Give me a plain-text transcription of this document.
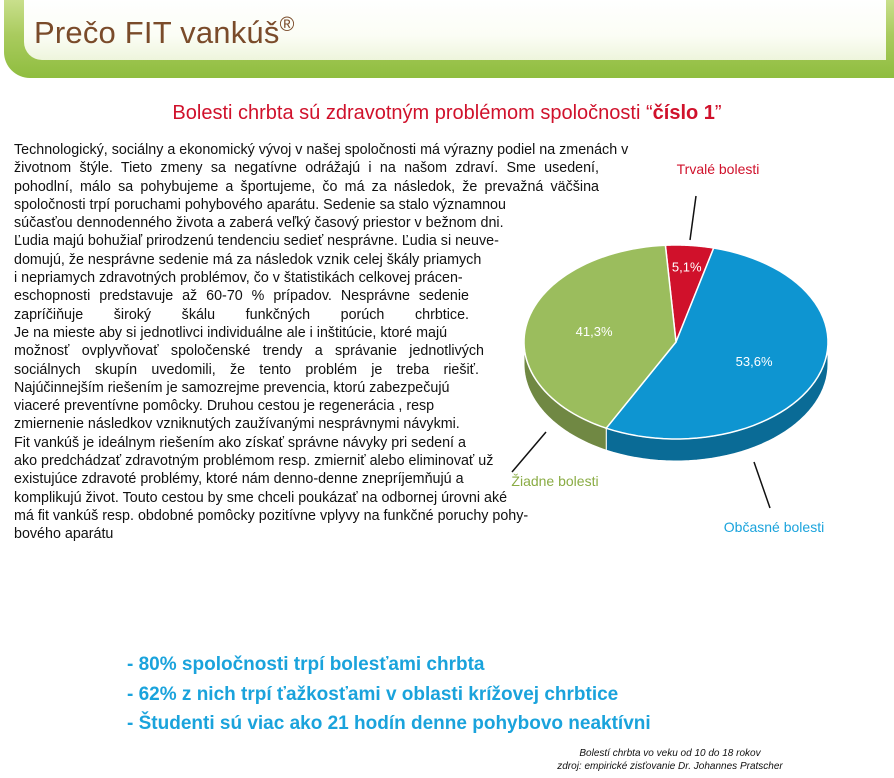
Prečo FIT vankúš®
Bolesti chrbta sú zdravotným problémom spoločnosti “číslo 1”
Technologický, sociálny a ekonomický vývoj v našej spoločnosti má výrazny podiel na zmenách v
životnom štýle. Tieto zmeny sa negatívne odrážajú i na našom zdraví. Sme usedení,
pohodlní, málo sa pohybujeme a športujeme, čo má za následok, že prevažná väčšina
spoločnosti trpí poruchami pohybového aparátu. Sedenie sa stalo významnou
súčasťou dennodenného života a zaberá veľký časový priestor v bežnom dni.
Ľudia majú bohužiaľ prirodzenú tendenciu sedieť nesprávne. Ľudia si neuve-
domujú, že nesprávne sedenie má za následok vznik celej škály priamych
i nepriamych zdravotných problémov, čo v štatistikách celkovej prácen-
eschopnosti predstavuje až 60-70 % prípadov. Nesprávne sedenie
zapríčiňuje široký škálu funkčných porúch chrbtice.
Je na mieste aby si jednotlivci individuálne ale i inštitúcie, ktoré majú
možnosť ovplyvňovať spoločenské trendy a správanie jednotlivých
sociálnych skupín uvedomili, že tento problém je treba riešiť.
Najúčinnejším riešením je samozrejme prevencia, ktorú zabezpečujú
viaceré preventívne pomôcky. Druhou cestou je regenerácia , resp
zmiernenie následkov vzniknutých zaužívanými nesprávnymi návykmi.
Fit vankúš je ideálnym riešením ako získať správne návyky pri sedení a
ako predchádzať zdravotným problémom resp. zmierniť alebo eliminovať už
existujúce zdravoté problémy, ktoré nám denno-denne znepríjemňujú a
komplikujú život. Touto cestou by sme chceli poukázať na odbornej úrovni aké
má fit vankúš resp. obdobné pomôcky pozitívne vplyvy na funkčné poruchy pohy-
bového aparátu
5,1%
53,6%
41,3%
Trvalé bolesti
Občasné bolesti
Žiadne bolesti
- 80% spoločnosti trpí bolesťami chrbta
- 62% z nich trpí ťažkosťami v oblasti krížovej chrbtice
- Študenti sú viac ako 21 hodín denne pohybovo neaktívni
Bolestí chrbta vo veku od 10 do 18 rokov
zdroj: empirické zisťovanie Dr. Johannes Pratscher
